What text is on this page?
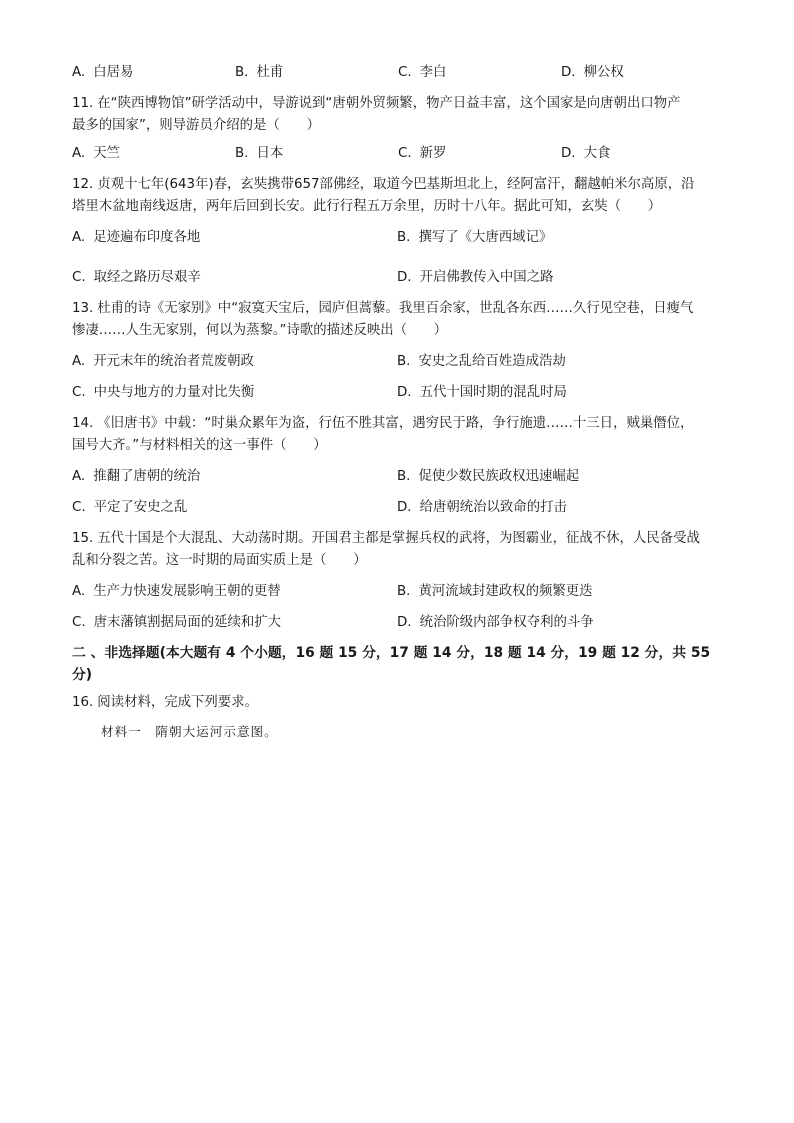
A. 白居易	B. 杜甫	C. 李白	D. 柳公权
11. 在“陕西博物馆”研学活动中，导游说到“唐朝外贸频繁，物产日益丰富，这个国家是向唐朝出口物产
最多的国家”，则导游员介绍的是（　　）
A. 天竺	B. 日本	C. 新罗	D. 大食
12. 贞观十七年(643年)春，玄奘携带657部佛经，取道今巴基斯坦北上，经阿富汗，翻越帕米尔高原，沿
塔里木盆地南线返唐，两年后回到长安。此行行程五万余里，历时十八年。据此可知，玄奘（　　）
A. 足迹遍布印度各地	B. 撰写了《大唐西域记》
C. 取经之路历尽艰辛	D. 开启佛教传入中国之路
13. 杜甫的诗《无家别》中“寂寞天宝后，园庐但蒿藜。我里百余家，世乱各东西……久行见空巷，日瘦气
惨凄……人生无家别，何以为蒸黎。”诗歌的描述反映出（　　）
A. 开元末年的统治者荒废朝政	B. 安史之乱给百姓造成浩劫
C. 中央与地方的力量对比失衡	D. 五代十国时期的混乱时局
14. 《旧唐书》中载：“时巢众累年为盗，行伍不胜其富，遇穷民于路，争行施遗……十三日，贼巢僭位，
国号大齐。”与材料相关的这一事件（　　）
A. 推翻了唐朝的统治	B. 促使少数民族政权迅速崛起
C. 平定了安史之乱	D. 给唐朝统治以致命的打击
15. 五代十国是个大混乱、大动荡时期。开国君主都是掌握兵权的武将，为图霸业，征战不休，人民备受战
乱和分裂之苦。这一时期的局面实质上是（　　）
A. 生产力快速发展影响王朝的更替	B. 黄河流域封建政权的频繁更迭
C. 唐末藩镇割据局面的延续和扩大	D. 统治阶级内部争权夺利的斗争
二 、非选择题(本大题有 4 个小题，16 题 15 分，17 题 14 分，18 题 14 分，19 题 12 分，共 55
分)
16. 阅读材料，完成下列要求。
材料一　隋朝大运河示意图。
